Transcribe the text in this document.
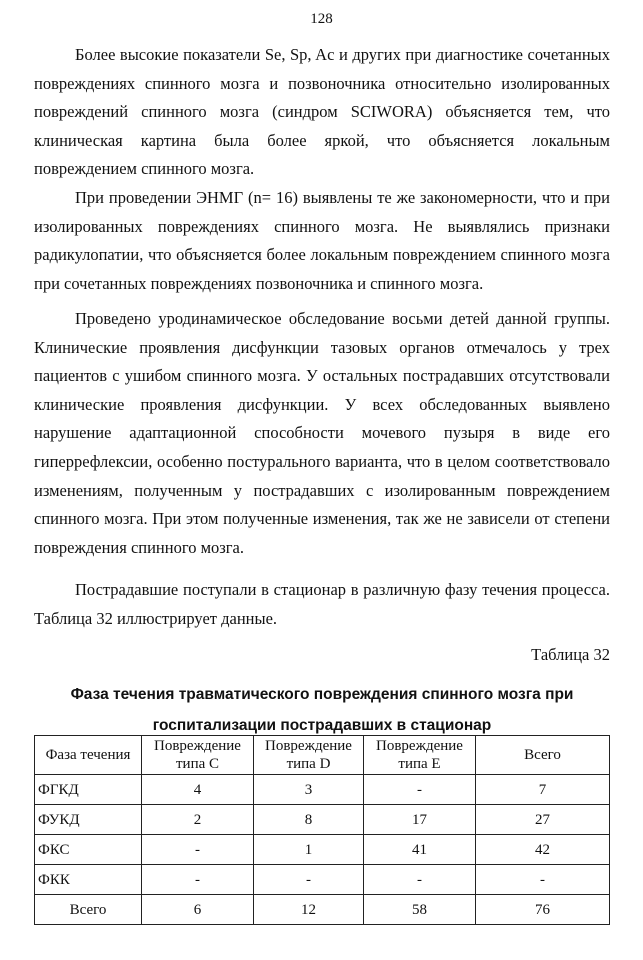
128

Более высокие показатели Se, Sp, Ac и других при диагностике сочетанных повреждениях спинного мозга и позвоночника относительно изолированных повреждений спинного мозга (синдром SCIWORA) объясняется тем, что клиническая картина была более яркой, что объясняется локальным повреждением спинного мозга.

При проведении ЭНМГ (n= 16) выявлены те же закономерности, что и при изолированных повреждениях спинного мозга. Не выявлялись признаки радикулопатии, что объясняется более локальным повреждением спинного мозга при сочетанных повреждениях позвоночника и спинного мозга.

Проведено уродинамическое обследование восьми детей данной группы. Клинические проявления дисфункции тазовых органов отмечалось у трех пациентов с ушибом спинного мозга. У остальных пострадавших отсутствовали клинические проявления дисфункции. У всех обследованных выявлено нарушение адаптационной способности мочевого пузыря в виде его гиперрефлексии, особенно постурального варианта, что в целом соответствовало изменениям, полученным у пострадавших с изолированным повреждением спинного мозга. При этом полученные изменения, так же не зависели от степени повреждения спинного мозга.

Пострадавшие поступали в стационар в различную фазу течения процесса. Таблица 32 иллюстрирует данные.

Таблица 32

Фаза течения травматического повреждения спинного мозга при госпитализации пострадавших в стационар

Фаза течения	Повреждение типа С	Повреждение типа D	Повреждение типа E	Всего
ФГКД	4	3	-	7
ФУКД	2	8	17	27
ФКС	-	1	41	42
ФКК	-	-	-	-
Всего	6	12	58	76
